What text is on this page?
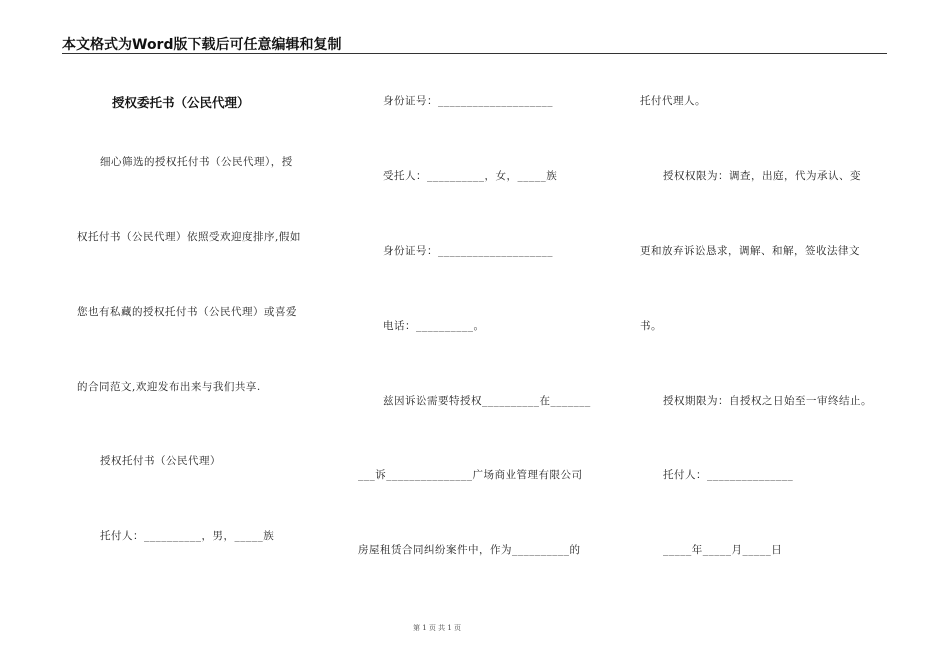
本文格式为Word版下载后可任意编辑和复制
授权委托书（公民代理）
细心筛选的授权托付书（公民代理），授
权托付书（公民代理）依照受欢迎度排序,假如
您也有私藏的授权托付书（公民代理）或喜爱
的合同范文,欢迎发布出来与我们共享.
授权托付书（公民代理）
托付人：__________，男，_____族
身份证号：____________________
受托人：__________，女，_____族
身份证号：____________________
电话：__________。
兹因诉讼需要特授权__________在_______
___诉_______________广场商业管理有限公司
房屋租赁合同纠纷案件中，作为__________的
托付代理人。
授权权限为：调查，出庭，代为承认、变
更和放弃诉讼恳求，调解、和解，签收法律文
书。
授权期限为：自授权之日始至一审终结止。
托付人：_______________
_____年_____月_____日
第 1 页 共 1 页
